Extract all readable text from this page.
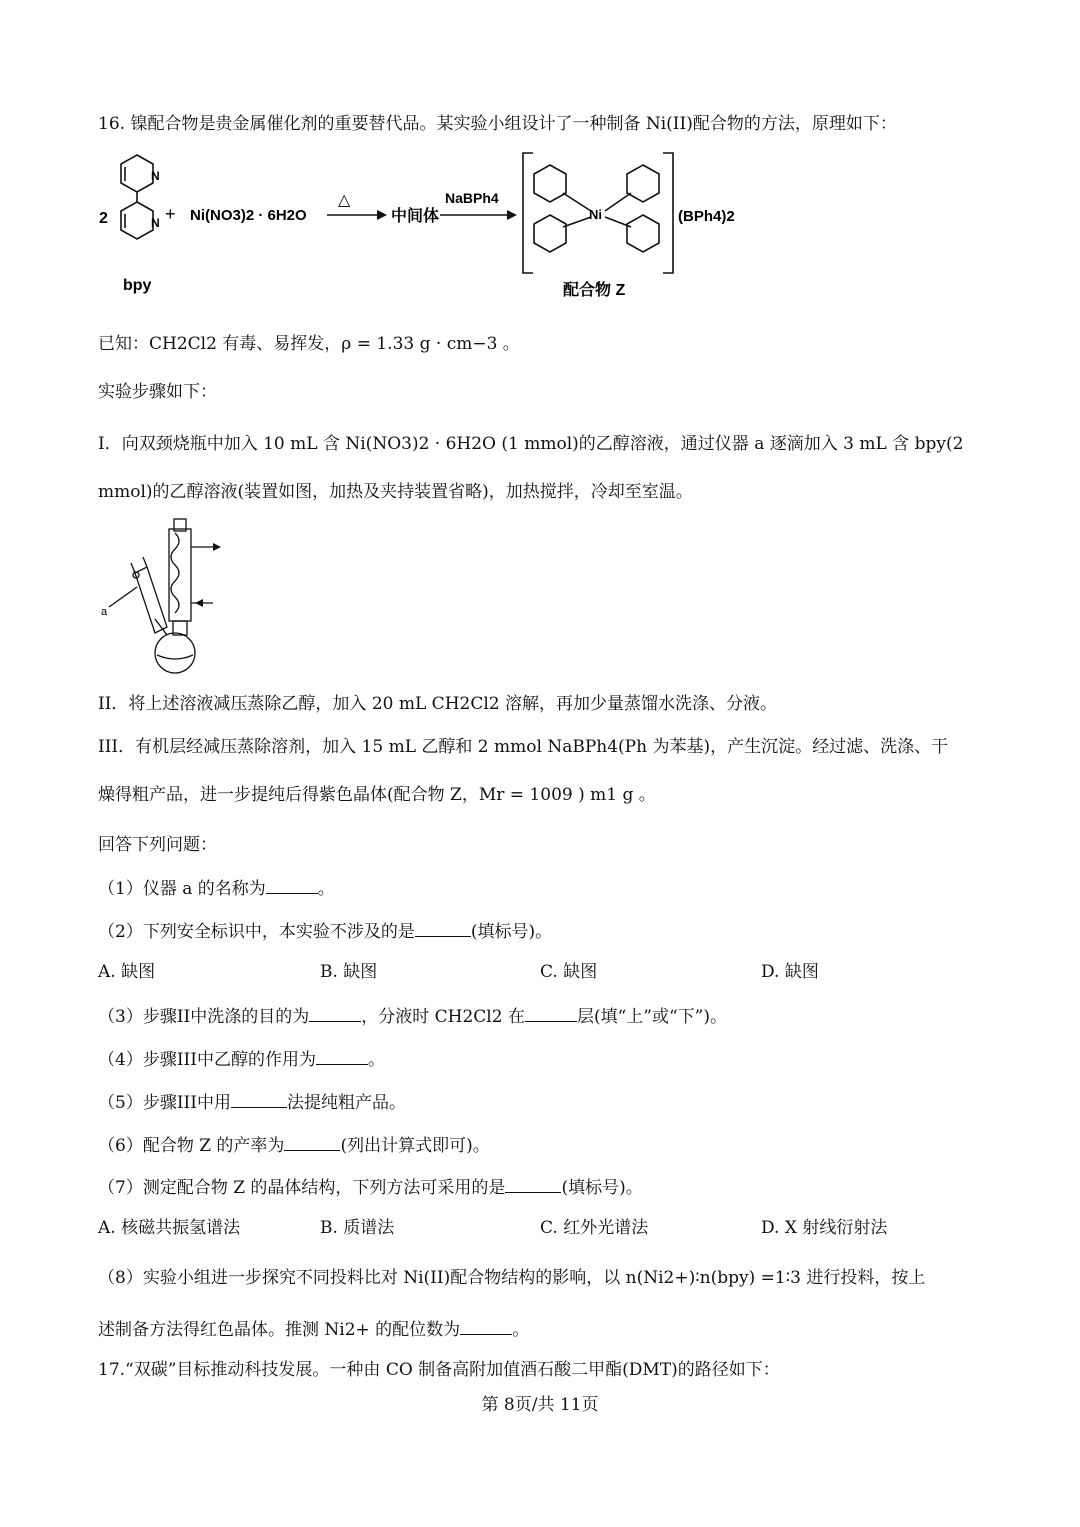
16. 镍配合物是贵金属催化剂的重要替代品。某实验小组设计了一种制备 Ni(II)配合物的方法，原理如下：
2
N
N
bpy
+ Ni(NO3)2 · 6H2O
△
中间体
NaBPh4
Ni	(BPh4)2
配合物 Z
已知：CH2Cl2 有毒、易挥发，ρ = 1.33 g · cm−3 。
实验步骤如下：
I．向双颈烧瓶中加入 10 mL 含 Ni(NO3)2 · 6H2O (1 mmol)的乙醇溶液，通过仪器 a 逐滴加入 3 mL 含 bpy(2
mmol)的乙醇溶液(装置如图，加热及夹持装置省略)，加热搅拌，冷却至室温。
a
II．将上述溶液减压蒸除乙醇，加入 20 mL CH2Cl2 溶解，再加少量蒸馏水洗涤、分液。
III．有机层经减压蒸除溶剂，加入 15 mL 乙醇和 2 mmol NaBPh4(Ph 为苯基)，产生沉淀。经过滤、洗涤、干
燥得粗产品，进一步提纯后得紫色晶体(配合物 Z，Mr = 1009 ) m1 g 。
回答下列问题：
（1）仪器 a 的名称为	。
（2）下列安全标识中，本实验不涉及的是	(填标号)。
A. 缺图	B. 缺图	C. 缺图	D. 缺图
（3）步骤II中洗涤的目的为	，分液时 CH2Cl2 在	层(填“上”或“下”)。
（4）步骤III中乙醇的作用为	。
（5）步骤III中用	法提纯粗产品。
（6）配合物 Z 的产率为	(列出计算式即可)。
（7）测定配合物 Z 的晶体结构，下列方法可采用的是	(填标号)。
A. 核磁共振氢谱法	B. 质谱法	C. 红外光谱法	D. X 射线衍射法
（8）实验小组进一步探究不同投料比对 Ni(II)配合物结构的影响，以 n(Ni2+)∶n(bpy) =1∶3 进行投料，按上
述制备方法得红色晶体。推测 Ni2+ 的配位数为	。
17.“双碳”目标推动科技发展。一种由 CO 制备高附加值酒石酸二甲酯(DMT)的路径如下：
第 8页/共 11页
